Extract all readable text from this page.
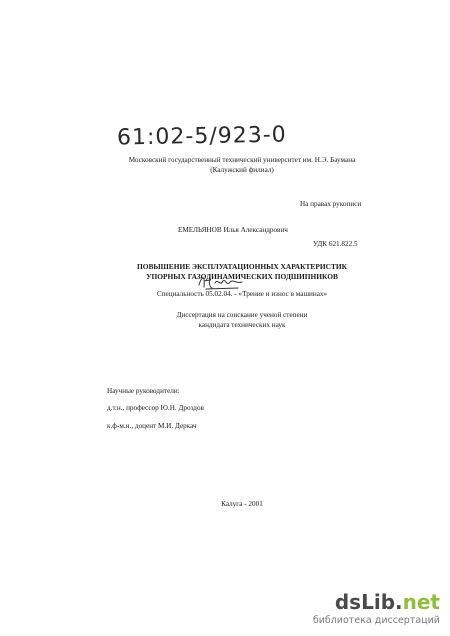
61:02-5/923-0
Московский государственный технический университет им. Н.Э. Баумана
(Калужский филиал)
На правах рукописи
ЕМЕЛЬЯНОВ Илья Александрович
УДК 621.822.5
ПОВЫШЕНИЕ ЭКСПЛУАТАЦИОННЫХ ХАРАКТЕРИСТИК
УПОРНЫХ ГАЗОДИНАМИЧЕСКИХ ПОДШИПНИКОВ
Специальность 05.02.04. - «Трение и износ в машинах»
Диссертация на соискание ученой степени
кандидата технических наук
Научные руководители:
д.т.н., профессор Ю.Н. Дроздов
к.ф-м.н., доцент М.И. Деркач
Калуга - 2001
dsLib.net
библиотека диссертаций
